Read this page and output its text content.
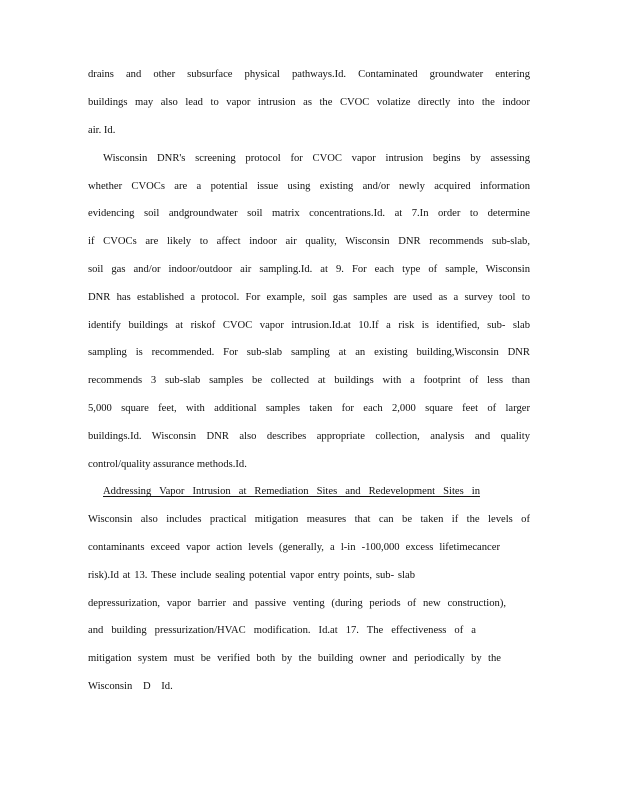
drains and other subsurface physical pathways.Id. Contaminated groundwater entering
buildings may also lead to vapor intrusion as the CVOC volatize directly into the indoor
air. Id.
Wisconsin DNR's screening protocol for CVOC vapor intrusion begins by assessing
whether CVOCs are a potential issue using existing and/or newly acquired information
evidencing soil andgroundwater soil matrix concentrations.Id. at 7.In order to determine
if CVOCs are likely to affect indoor air quality, Wisconsin DNR recommends sub-slab,
soil gas and/or indoor/outdoor air sampling.Id. at 9. For each type of sample, Wisconsin
DNR has established a protocol. For example, soil gas samples are used as a survey tool to
identify buildings at riskof CVOC vapor intrusion.Id.at 10.If a risk is identified, sub- slab
sampling is recommended. For sub-slab sampling at an existing building,Wisconsin DNR
recommends 3 sub-slab samples be collected at buildings with a footprint of less than
5,000 square feet, with additional samples taken for each 2,000 square feet of larger
buildings.Id. Wisconsin DNR also describes appropriate collection, analysis and quality
control/quality assurance methods.Id.
Addressing Vapor Intrusion at Remediation Sites and Redevelopment Sites in
Wisconsin also includes practical mitigation measures that can be taken if the levels of
contaminants exceed vapor action levels (generally, a l-in -100,000 excess lifetimecancer
risk).Id at 13. These include sealing potential vapor entry points, sub- slab
depressurization, vapor barrier and passive venting (during periods of new construction),
and building pressurization/HVAC modification. Id.at 17. The effectiveness of a
mitigation system must be verified both by the building owner and periodically by the
Wisconsin D Id.
